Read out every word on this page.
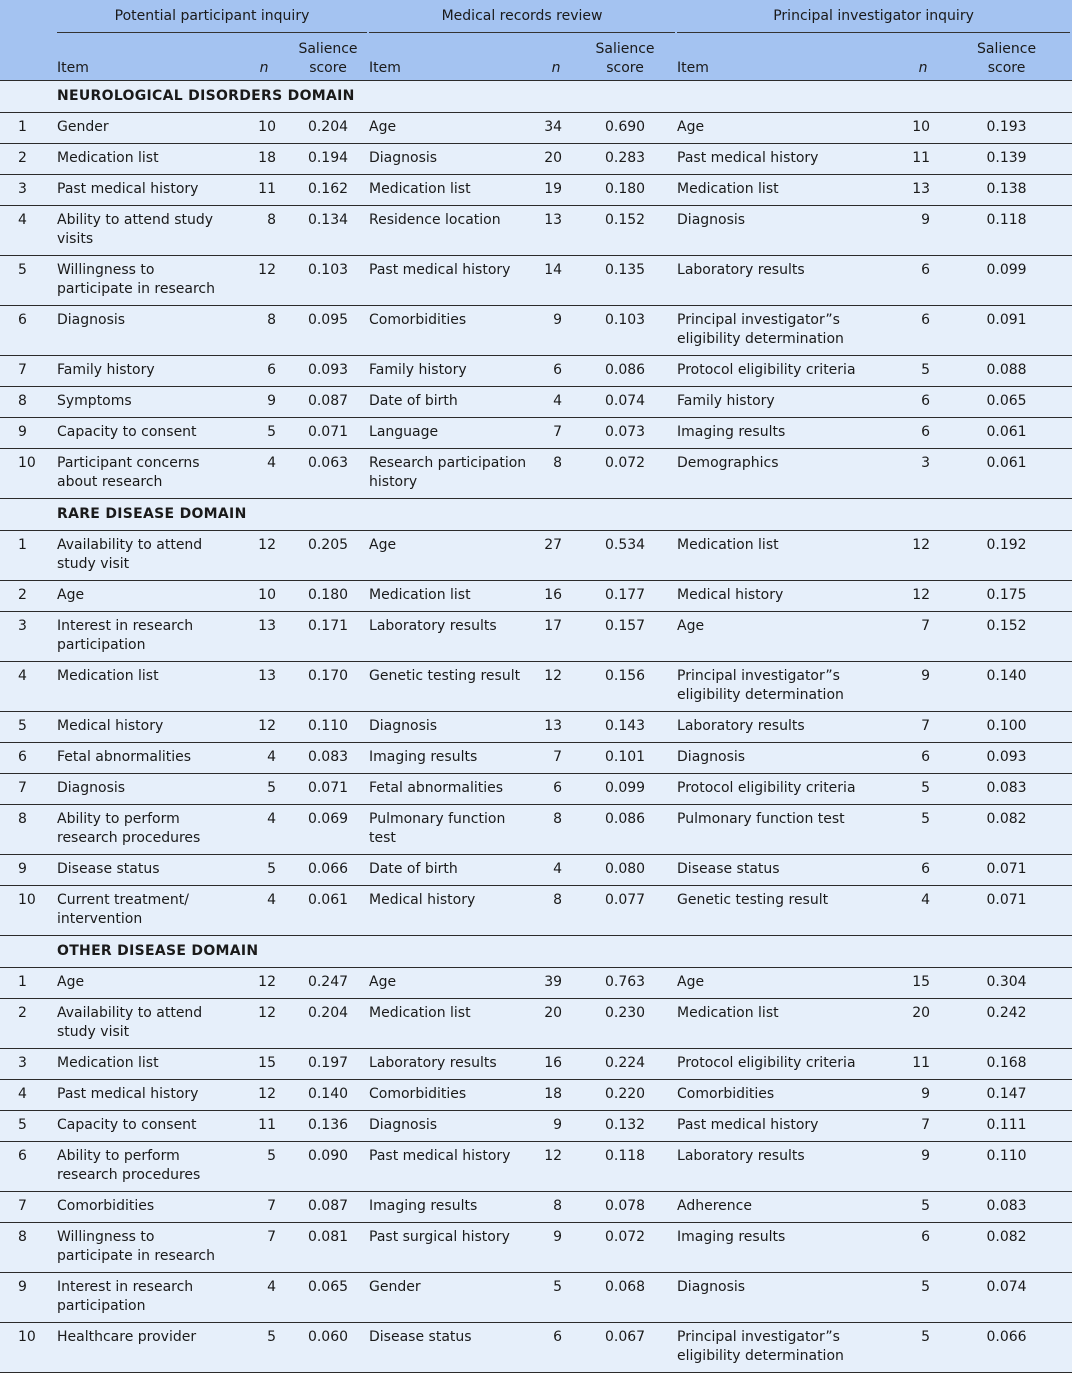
	Potential participant inquiry			Medical records review			Principal investigator inquiry		

	Item	n	Salience score	Item	n	Salience score	Item	n	Salience score

	NEUROLOGICAL DISORDERS DOMAIN								
1	Gender	10	0.204	Age	34	0.690	Age	10	0.193
2	Medication list	18	0.194	Diagnosis	20	0.283	Past medical history	11	0.139
3	Past medical history	11	0.162	Medication list	19	0.180	Medication list	13	0.138
4	Ability to attend study visits	8	0.134	Residence location	13	0.152	Diagnosis	9	0.118
5	Willingness to participate in research	12	0.103	Past medical history	14	0.135	Laboratory results	6	0.099
6	Diagnosis	8	0.095	Comorbidities	9	0.103	Principal investigator”s eligibility determination	6	0.091
7	Family history	6	0.093	Family history	6	0.086	Protocol eligibility criteria	5	0.088
8	Symptoms	9	0.087	Date of birth	4	0.074	Family history	6	0.065
9	Capacity to consent	5	0.071	Language	7	0.073	Imaging results	6	0.061
10	Participant concerns about research	4	0.063	Research participation history	8	0.072	Demographics	3	0.061
	RARE DISEASE DOMAIN								
1	Availability to attend study visit	12	0.205	Age	27	0.534	Medication list	12	0.192
2	Age	10	0.180	Medication list	16	0.177	Medical history	12	0.175
3	Interest in research participation	13	0.171	Laboratory results	17	0.157	Age	7	0.152
4	Medication list	13	0.170	Genetic testing result	12	0.156	Principal investigator”s eligibility determination	9	0.140
5	Medical history	12	0.110	Diagnosis	13	0.143	Laboratory results	7	0.100
6	Fetal abnormalities	4	0.083	Imaging results	7	0.101	Diagnosis	6	0.093
7	Diagnosis	5	0.071	Fetal abnormalities	6	0.099	Protocol eligibility criteria	5	0.083
8	Ability to perform research procedures	4	0.069	Pulmonary function test	8	0.086	Pulmonary function test	5	0.082
9	Disease status	5	0.066	Date of birth	4	0.080	Disease status	6	0.071
10	Current treatment/ intervention	4	0.061	Medical history	8	0.077	Genetic testing result	4	0.071
	OTHER DISEASE DOMAIN								
1	Age	12	0.247	Age	39	0.763	Age	15	0.304
2	Availability to attend study visit	12	0.204	Medication list	20	0.230	Medication list	20	0.242
3	Medication list	15	0.197	Laboratory results	16	0.224	Protocol eligibility criteria	11	0.168
4	Past medical history	12	0.140	Comorbidities	18	0.220	Comorbidities	9	0.147
5	Capacity to consent	11	0.136	Diagnosis	9	0.132	Past medical history	7	0.111
6	Ability to perform research procedures	5	0.090	Past medical history	12	0.118	Laboratory results	9	0.110
7	Comorbidities	7	0.087	Imaging results	8	0.078	Adherence	5	0.083
8	Willingness to participate in research	7	0.081	Past surgical history	9	0.072	Imaging results	6	0.082
9	Interest in research participation	4	0.065	Gender	5	0.068	Diagnosis	5	0.074
10	Healthcare provider	5	0.060	Disease status	6	0.067	Principal investigator”s eligibility determination	5	0.066
